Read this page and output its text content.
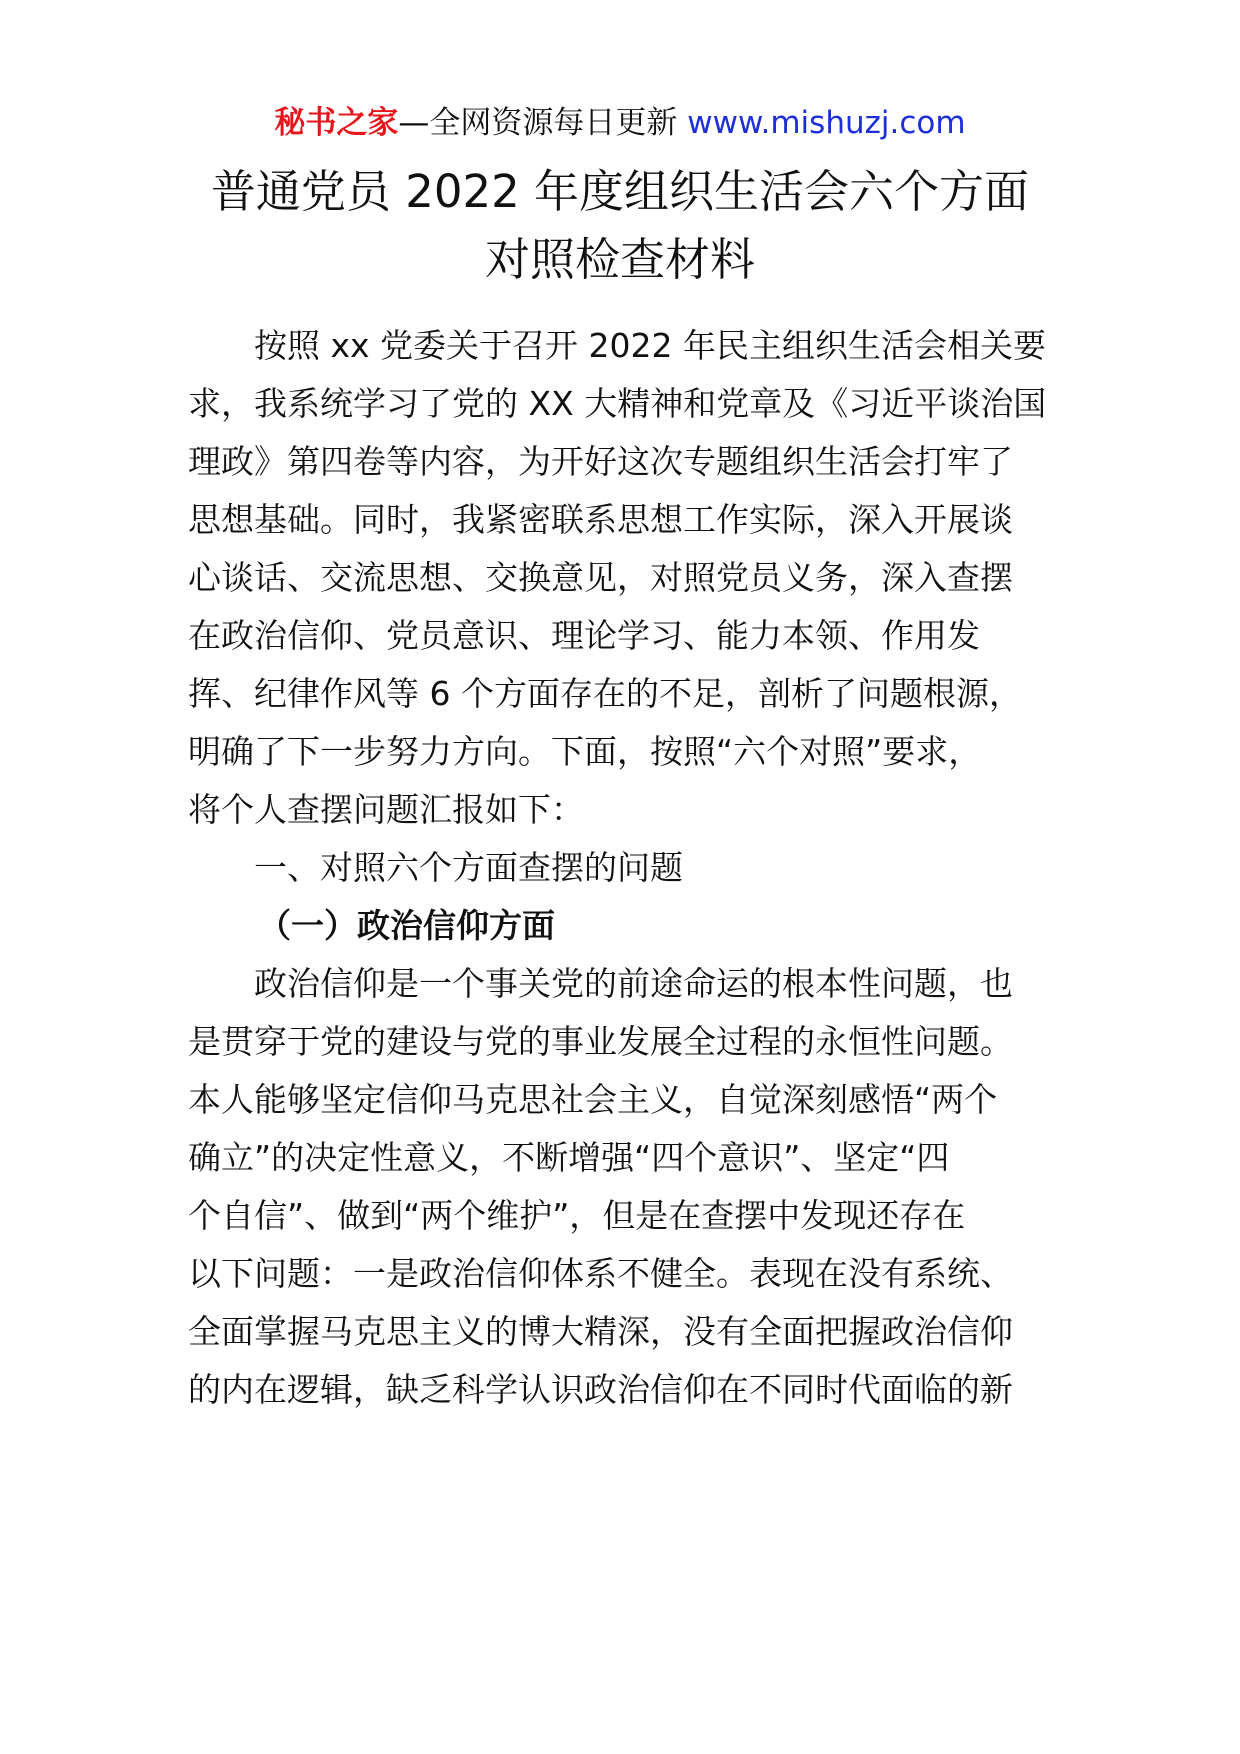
秘书之家—全网资源每日更新 www.mishuzj.com
普通党员 2022 年度组织生活会六个方面
对照检查材料
按照 xx 党委关于召开 2022 年民主组织生活会相关要
求，我系统学习了党的 XX 大精神和党章及《习近平谈治国
理政》第四卷等内容，为开好这次专题组织生活会打牢了
思想基础。同时，我紧密联系思想工作实际，深入开展谈
心谈话、交流思想、交换意见，对照党员义务，深入查摆
在政治信仰、党员意识、理论学习、能力本领、作用发
挥、纪律作风等 6 个方面存在的不足，剖析了问题根源，
明确了下一步努力方向。下面，按照“六个对照”要求，
将个人查摆问题汇报如下：
一、对照六个方面查摆的问题
（一）政治信仰方面
政治信仰是一个事关党的前途命运的根本性问题，也
是贯穿于党的建设与党的事业发展全过程的永恒性问题。
本人能够坚定信仰马克思社会主义，自觉深刻感悟“两个
确立”的决定性意义，不断增强“四个意识”、坚定“四
个自信”、做到“两个维护”，但是在查摆中发现还存在
以下问题：一是政治信仰体系不健全。表现在没有系统、
全面掌握马克思主义的博大精深，没有全面把握政治信仰
的内在逻辑，缺乏科学认识政治信仰在不同时代面临的新
